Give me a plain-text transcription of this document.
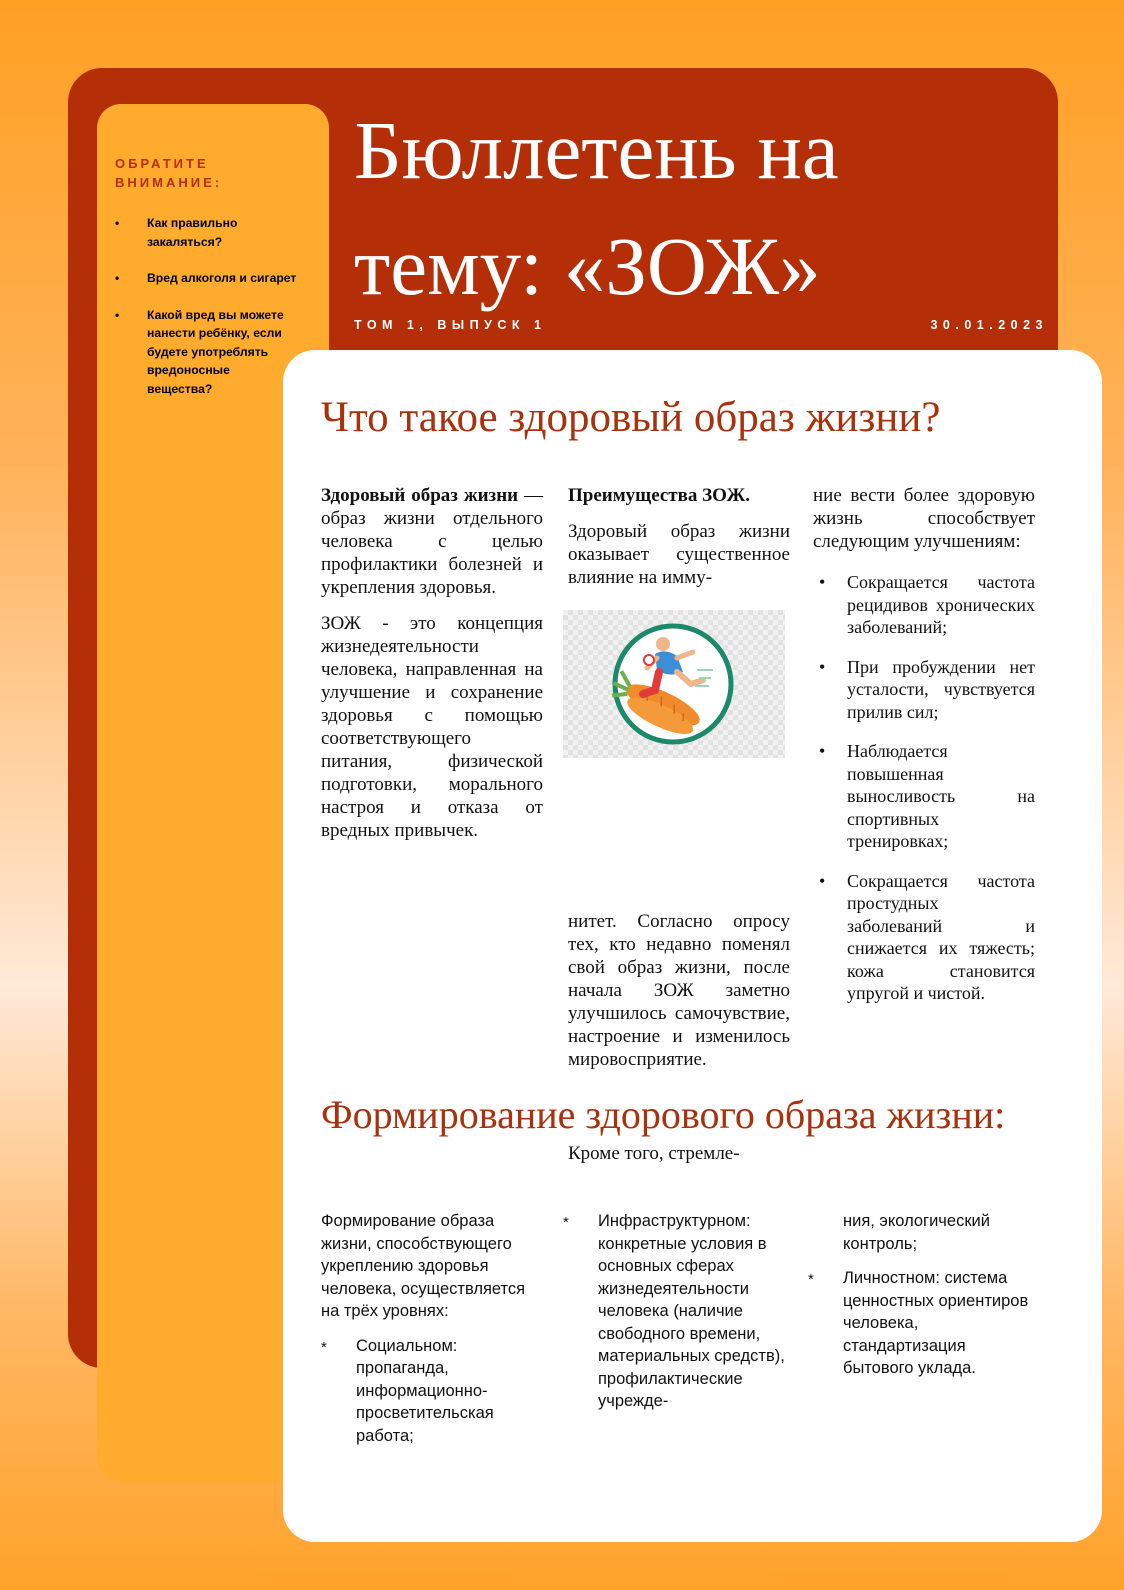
ОБРАТИТЕ ВНИМАНИЕ:
• Как правильно закаляться?
• Вред алкоголя и сигарет
• Какой вред вы можете нанести ребёнку, если будете употреблять вредоносные вещества?
Бюллетень на тему: «ЗОЖ»
ТОМ 1, ВЫПУСК 1	30.01.2023
Что такое здоровый образ жизни?

Здоровый образ жизни — образ жизни отдельного человека с целью профилактики болезней и укрепления здоровья.

ЗОЖ - это концепция жизнедеятельности человека, направленная на улучшение и сохранение здоровья с помощью соответствующего питания, физической подготовки, морального настроя и отказа от вредных привычек.

Преимущества ЗОЖ.

Здоровый образ жизни оказывает существенное влияние на имму-

нитет. Согласно опросу тех, кто недавно поменял свой образ жизни, после начала ЗОЖ заметно улучшилось самочувствие, настроение и изменилось мировосприятие.

Кроме того, стремле-

ние вести более здоровую жизнь способствует следующим улучшениям:

• Сокращается частота рецидивов хронических заболеваний;
• При пробуждении нет усталости, чувствуется прилив сил;
• Наблюдается повышенная выносливость на спортивных тренировках;
• Сокращается частота простудных заболеваний и снижается их тяжесть; кожа становится упругой и чистой.
Формирование здорового образа жизни:

Формирование образа жизни, способствующего укреплению здоровья человека, осуществляется на трёх уровнях:

* Социальном: пропаганда, информационно-просветительская работа;
* Инфраструктурном: конкретные условия в основных сферах жизнедеятельности человека (наличие свободного времени, материальных средств), профилактические учрежде-

ния, экологический контроль;

* Личностном: система ценностных ориентиров человека, стандартизация бытового уклада.
